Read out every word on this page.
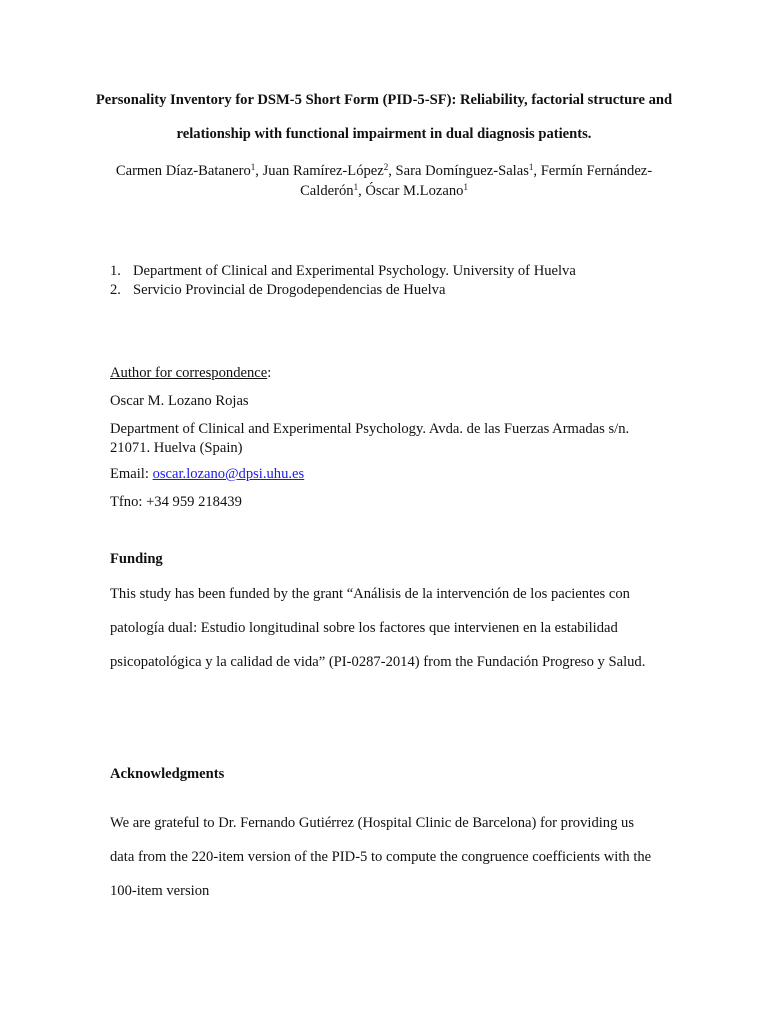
Personality Inventory for DSM-5 Short Form (PID-5-SF): Reliability, factorial structure and relationship with functional impairment in dual diagnosis patients.

Carmen Díaz-Batanero$^1$, Juan Ramírez-López$^2$, Sara Domínguez-Salas$^1$, Fermín Fernández-Calderón$^1$, Óscar M.Lozano$^1$

1. Department of Clinical and Experimental Psychology. University of Huelva
2. Servicio Provincial de Drogodependencias de Huelva

Author for correspondence:

Oscar M. Lozano Rojas

Department of Clinical and Experimental Psychology. Avda. de las Fuerzas Armadas s/n. 21071. Huelva (Spain)

Email: oscar.lozano@dpsi.uhu.es

Tfno: +34 959 218439

Funding

This study has been funded by the grant “Análisis de la intervención de los pacientes con patología dual: Estudio longitudinal sobre los factores que intervienen en la estabilidad psicopatológica y la calidad de vida” (PI-0287-2014) from the Fundación Progreso y Salud.

Acknowledgments

We are grateful to Dr. Fernando Gutiérrez (Hospital Clinic de Barcelona) for providing us data from the 220-item version of the PID-5 to compute the congruence coefficients with the 100-item version
